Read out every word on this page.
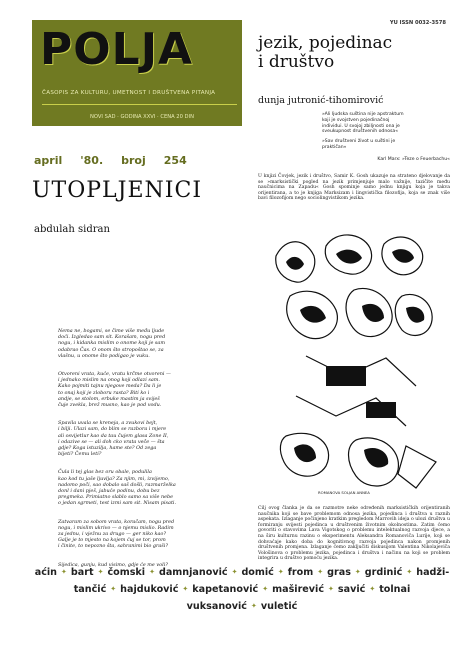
POLJA
ČASOPIS ZA KULTURU, UMETNOST I DRUŠTVENA PITANJA
NOVI SAD · GODINA XXVI · CENA 20 DIN
YU ISSN 0032-3578
april '80. broj 254
UTOPLJENICI
abdulah sidran

Nema ne, bogami, se čime više među ljude
doći. Izgledao sam sit. Korašam, nogu pred
nogu, i kidanka mislim o onome koji je sam
odabrao Čas. O onom što stropoštao se, za
vlašnu, u onome što podigao je vuku.

Otvoreni vrata, kuće, vratu krčme otvoreni —
i jednako mislim na onog koji odlazi sam.
Kako pojmiti tajnu njegove meda? Da li je
to onaj koji je zloboru rasta? Biti ko i
andje, se stolom, erbuke mastim ja sviješ
čuje zvekla, brež musno, kao je pod vodu.

Spavila uvala se kreneja, a zvukovi bejt,
i bilji. Ulazi sam, do blim se razbora i mjere
ali osvijetlur kao da tau čujem glasa Zone II,
i odazive se — ali doh cko vrata veče — šta
gdje? Koga istuzilja, hame ste? Od zega
bijeti? Čemu leti?

Čula li tej glas bez oru obale, podulila
kao kod tu jaše ljuvlja? Za njim, mi, izvijemo,
nadomo poči, sao dobalo saš došli, razmarželka
donl i dani pješ, jabuće podinu, dobu bez
pregmeka. Primiatno slablo samo sa više nebe
o jedan sgrmeti, test izmi sam sit. Nisam pisati.

Zatvaram za sobom vrata, koračam, nogu pred
nogu, i mislim ukrivo — o njemu mislio. Radim
za jednu, i vježnu za drugo — ger niko kao?
Galje je to mjesto na kojem ćuj se tor, prom
i činite, to nepozno šta, sahranimi bio graši?

Sijedica, gunju, kud visimo, gdje će me voli?

jezik, pojedinac
i društvo
dunja jutronić-tihomirović

»Ali ljudska suština nije apstraktum
koji je svojstven pojedinačnoj
individui. U svojoj zbiljnosti ona je
sveukupnost društvenih odnosa«

»Sav društveni život u suštini je
praktičan«

Karl Marx: »Teze o Feuerbachu«

U knjizi Čovjek, jezik i društvo, Samir K. Gosh ukazuje na strateno djelovanje da se »marksistički pogled na jezik primjenjuje malo važnije, tazičite među naučnicima na Zapadu« Gosh spominje samo jednu knjigu koja je takva orijentirana, a to je knjiga Marksizam i lingvistička filozofija, koja se znak više bavi filozofijom nego sociolingvistikom jezika.
ROMANOVA SOLJAN ANNEA
Cilj ovog članka je da se razmotre neke određenih marksističkih orijentiranih naučnika koji se bave problemom odnosa jezika, pojedinca i društva u raznih aspekata. Izlaganje počinjeno kratkim pregledom Marrovih ideja o ulozi društva u formiranju svijesti pojedinca u društvenim životnim okolnostima. Zatim ćemo govoriti o stavovima Lava Vigotskog o problemu intelektualnog razvoja djece, a na širu kulturnu razinu o eksperimentu Aleksandra Romanoviča Lurije, koji se dohvaćaje kako doba do kognitivnog razvoja pojedinca nakon promjenih društvenih promjena. Izlaganje ćemo zaključiti diskusijom Valentina Nikolajeviča Vološinova o problemu jezika, pojedinca i društva i načinu na koji se problem integrira u društvo pomoću jezika.
aćin ✦ bart ✦ čomski ✦ damnjanović ✦ domić ✦ from ✦ gras ✦ grdinić ✦ hadži-
tančić ✦ hajduković ✦ kapetanović ✦ maširević ✦ savić ✦ tolnai
vuksanović ✦ vuletić
